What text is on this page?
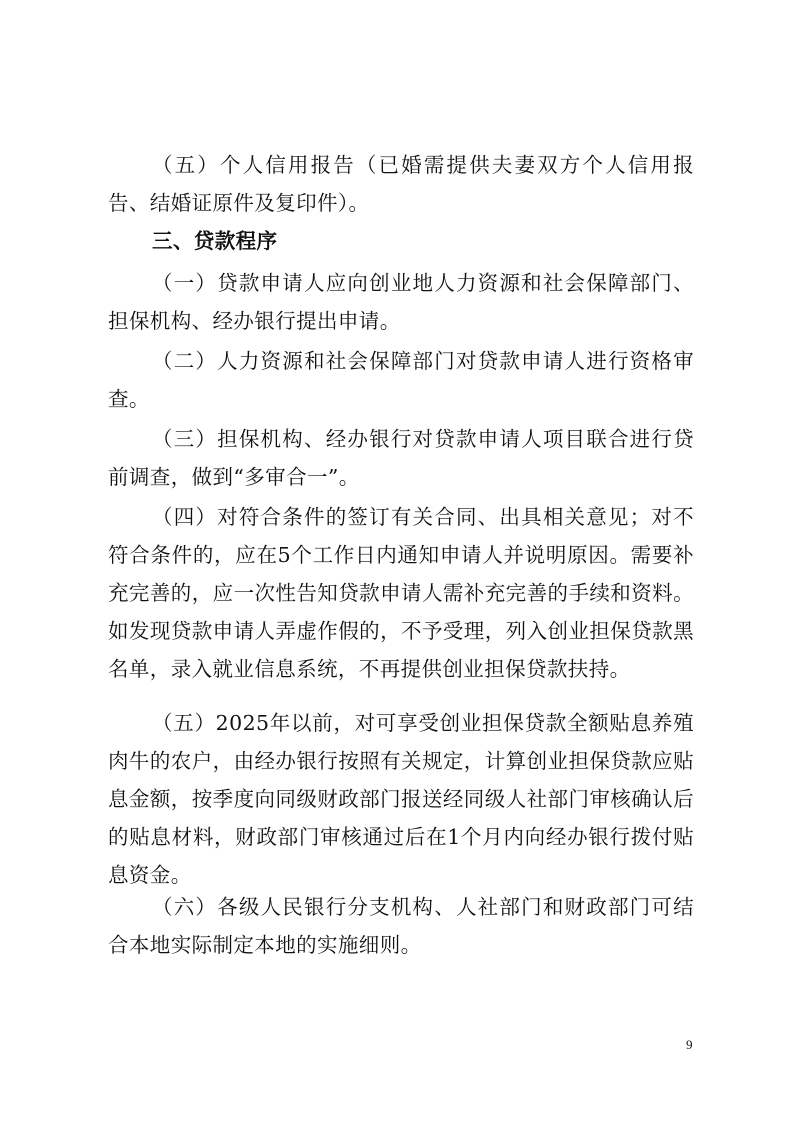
（五）个人信用报告（已婚需提供夫妻双方个人信用报告、结婚证原件及复印件）。

三、贷款程序

（一）贷款申请人应向创业地人力资源和社会保障部门、担保机构、经办银行提出申请。

（二）人力资源和社会保障部门对贷款申请人进行资格审查。

（三）担保机构、经办银行对贷款申请人项目联合进行贷前调查，做到“多审合一”。

（四）对符合条件的签订有关合同、出具相关意见；对不符合条件的，应在5个工作日内通知申请人并说明原因。需要补充完善的，应一次性告知贷款申请人需补充完善的手续和资料。如发现贷款申请人弄虚作假的，不予受理，列入创业担保贷款黑名单，录入就业信息系统，不再提供创业担保贷款扶持。

（五）2025年以前，对可享受创业担保贷款全额贴息养殖肉牛的农户，由经办银行按照有关规定，计算创业担保贷款应贴息金额，按季度向同级财政部门报送经同级人社部门审核确认后的贴息材料，财政部门审核通过后在1个月内向经办银行拨付贴息资金。

（六）各级人民银行分支机构、人社部门和财政部门可结合本地实际制定本地的实施细则。

9
